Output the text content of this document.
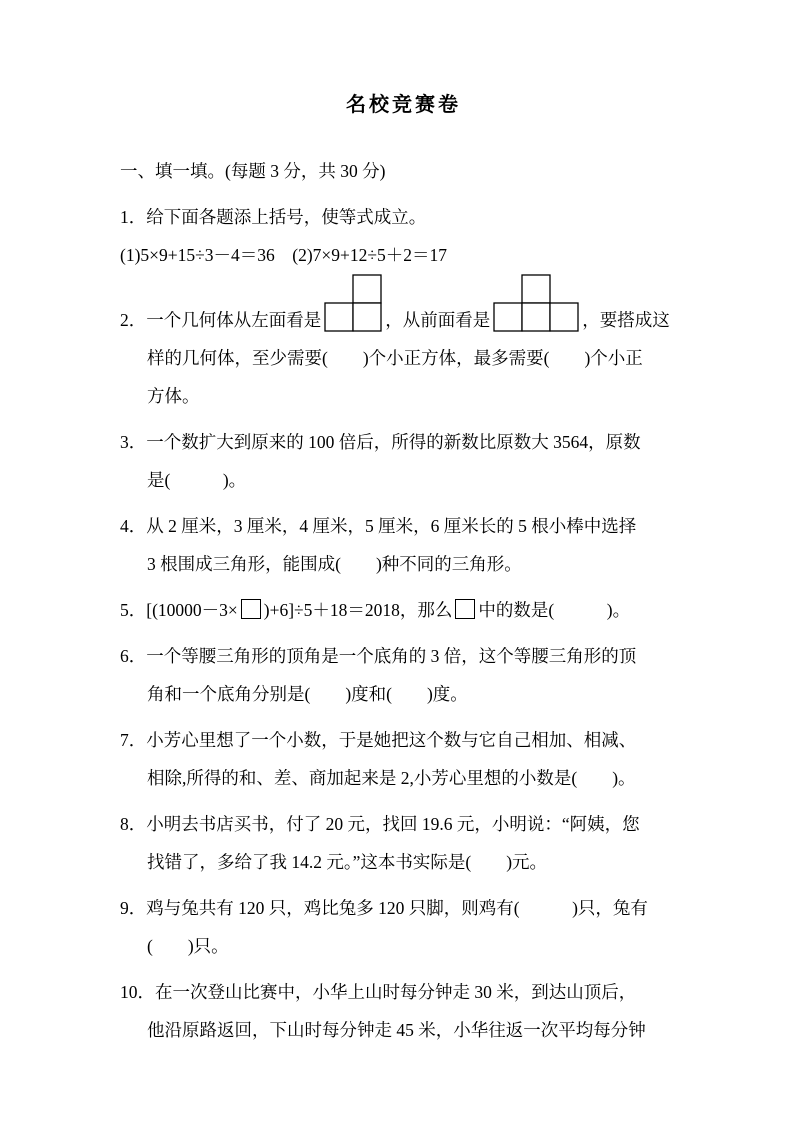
名校竞赛卷
一、填一填。(每题 3 分，共 30 分)
1．给下面各题添上括号，使等式成立。
(1)5×9+15÷3－4＝36　(2)7×9+12÷5＋2＝17
2．一个几何体从左面看是	，从前面看是	，要搭成这
样的几何体，至少需要(　　)个小正方体，最多需要(　　)个小正
方体。
3．一个数扩大到原来的 100 倍后，所得的新数比原数大 3564，原数
是(　　　)。
4．从 2 厘米，3 厘米，4 厘米，5 厘米，6 厘米长的 5 根小棒中选择
3 根围成三角形，能围成(　　)种不同的三角形。
5．[(10000－3× )+6]÷5＋18＝2018，那么 中的数是(　　　)。
6．一个等腰三角形的顶角是一个底角的 3 倍，这个等腰三角形的顶
角和一个底角分别是(　　)度和(　　)度。
7．小芳心里想了一个小数，于是她把这个数与它自己相加、相减、
相除,所得的和、差、商加起来是 2,小芳心里想的小数是(　　)。
8．小明去书店买书，付了 20 元，找回 19.6 元，小明说：“阿姨，您
找错了，多给了我 14.2 元。”这本书实际是(　　)元。
9．鸡与兔共有 120 只，鸡比兔多 120 只脚，则鸡有(　　　)只，兔有
(　　)只。
10．在一次登山比赛中，小华上山时每分钟走 30 米，到达山顶后，
他沿原路返回，下山时每分钟走 45 米，小华往返一次平均每分钟
